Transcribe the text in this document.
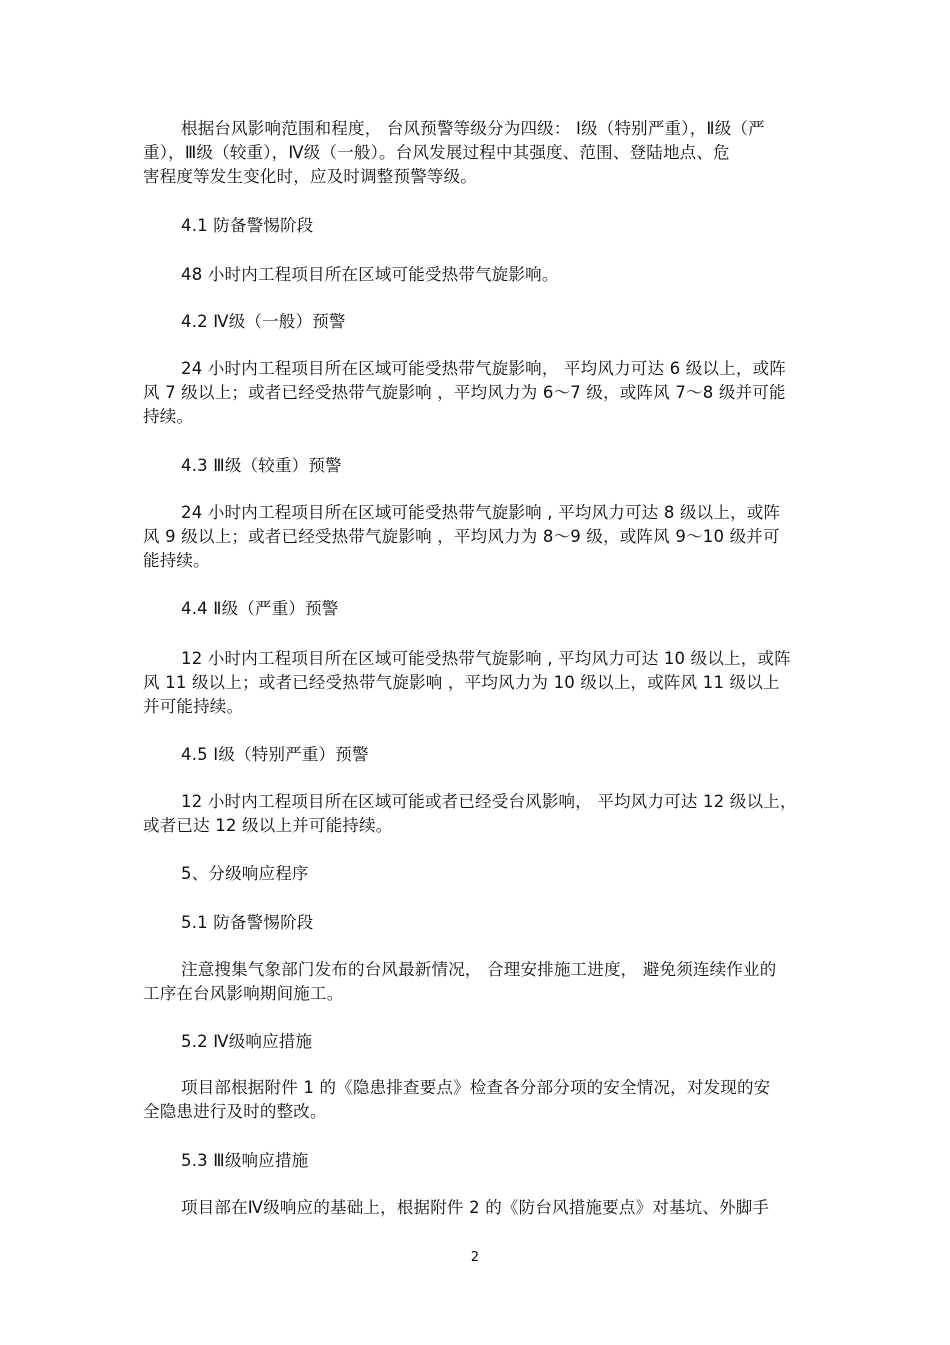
根据台风影响范围和程度， 台风预警等级分为四级： Ⅰ级（特别严重），Ⅱ级（严
重），Ⅲ级（较重），Ⅳ级（一般）。台风发展过程中其强度、范围、登陆地点、危
害程度等发生变化时，应及时调整预警等级。
4.1 防备警惕阶段
48 小时内工程项目所在区域可能受热带气旋影响。
4.2 Ⅳ级（一般）预警
24 小时内工程项目所在区域可能受热带气旋影响， 平均风力可达 6 级以上，或阵
风 7 级以上；或者已经受热带气旋影响 ，平均风力为 6～7 级，或阵风 7～8 级并可能
持续。
4.3 Ⅲ级（较重）预警
24 小时内工程项目所在区域可能受热带气旋影响 , 平均风力可达 8 级以上，或阵
风 9 级以上；或者已经受热带气旋影响 ，平均风力为 8～9 级，或阵风 9～10 级并可
能持续。
4.4 Ⅱ级（严重）预警
12 小时内工程项目所在区域可能受热带气旋影响 , 平均风力可达 10 级以上，或阵
风 11 级以上；或者已经受热带气旋影响 ，平均风力为 10 级以上，或阵风 11 级以上
并可能持续。
4.5 Ⅰ级（特别严重）预警
12 小时内工程项目所在区域可能或者已经受台风影响， 平均风力可达 12 级以上，
或者已达 12 级以上并可能持续。
5、分级响应程序
5.1 防备警惕阶段
注意搜集气象部门发布的台风最新情况， 合理安排施工进度， 避免须连续作业的
工序在台风影响期间施工。
5.2 Ⅳ级响应措施
项目部根据附件 1 的《隐患排查要点》检查各分部分项的安全情况，对发现的安
全隐患进行及时的整改。
5.3 Ⅲ级响应措施
项目部在Ⅳ级响应的基础上，根据附件 2 的《防台风措施要点》对基坑、外脚手
2
